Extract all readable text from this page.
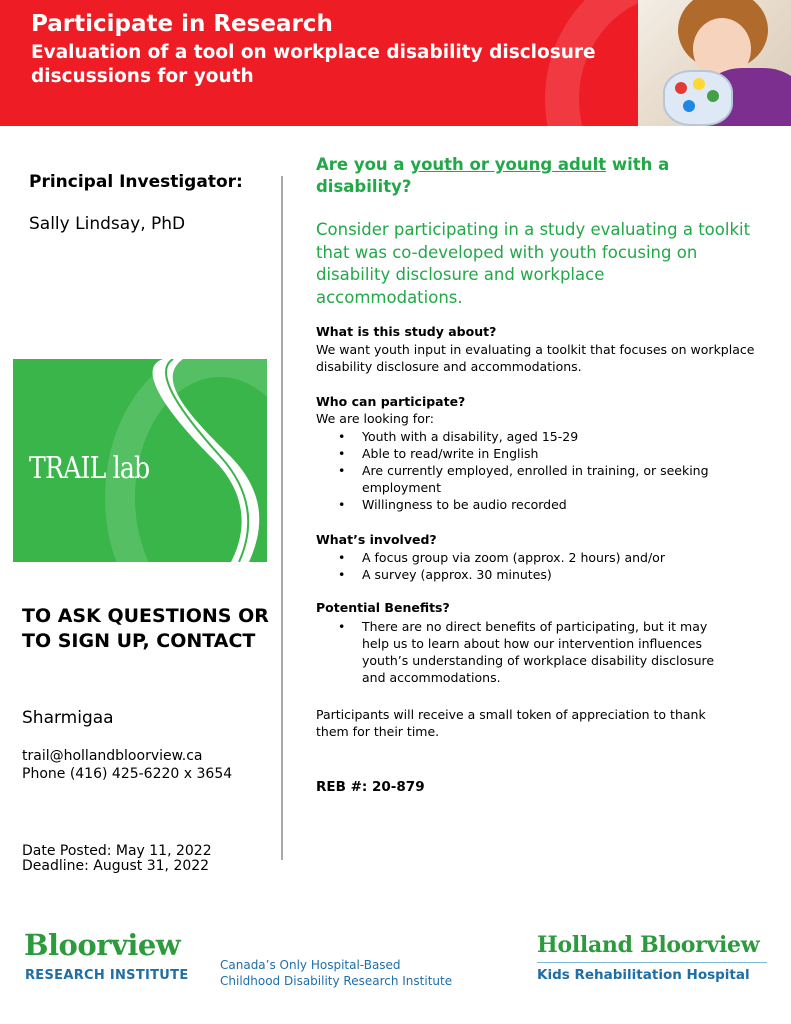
Participate in Research
Evaluation of a tool on workplace disability disclosure discussions for youth
Principal Investigator:
Sally Lindsay, PhD
TRAIL lab
TO ASK QUESTIONS OR TO SIGN UP, CONTACT
Sharmigaa
trail@hollandbloorview.ca
Phone (416) 425-6220 x 3654
Date Posted: May 11, 2022
Deadline: August 31, 2022
Are you a youth or young adult with a disability?
Consider participating in a study evaluating a toolkit that was co-developed with youth focusing on disability disclosure and workplace accommodations.
What is this study about?
We want youth input in evaluating a toolkit that focuses on workplace disability disclosure and accommodations.
Who can participate?
We are looking for:
• Youth with a disability, aged 15-29
• Able to read/write in English
• Are currently employed, enrolled in training, or seeking employment
• Willingness to be audio recorded
What’s involved?
• A focus group via zoom (approx. 2 hours) and/or
• A survey (approx. 30 minutes)
Potential Benefits?
• There are no direct benefits of participating, but it may help us to learn about how our intervention influences youth’s understanding of workplace disability disclosure and accommodations.
Participants will receive a small token of appreciation to thank them for their time.
REB #: 20-879
Bloorview
RESEARCH INSTITUTE
Canada’s Only Hospital-Based
Childhood Disability Research Institute
Holland Bloorview
Kids Rehabilitation Hospital
